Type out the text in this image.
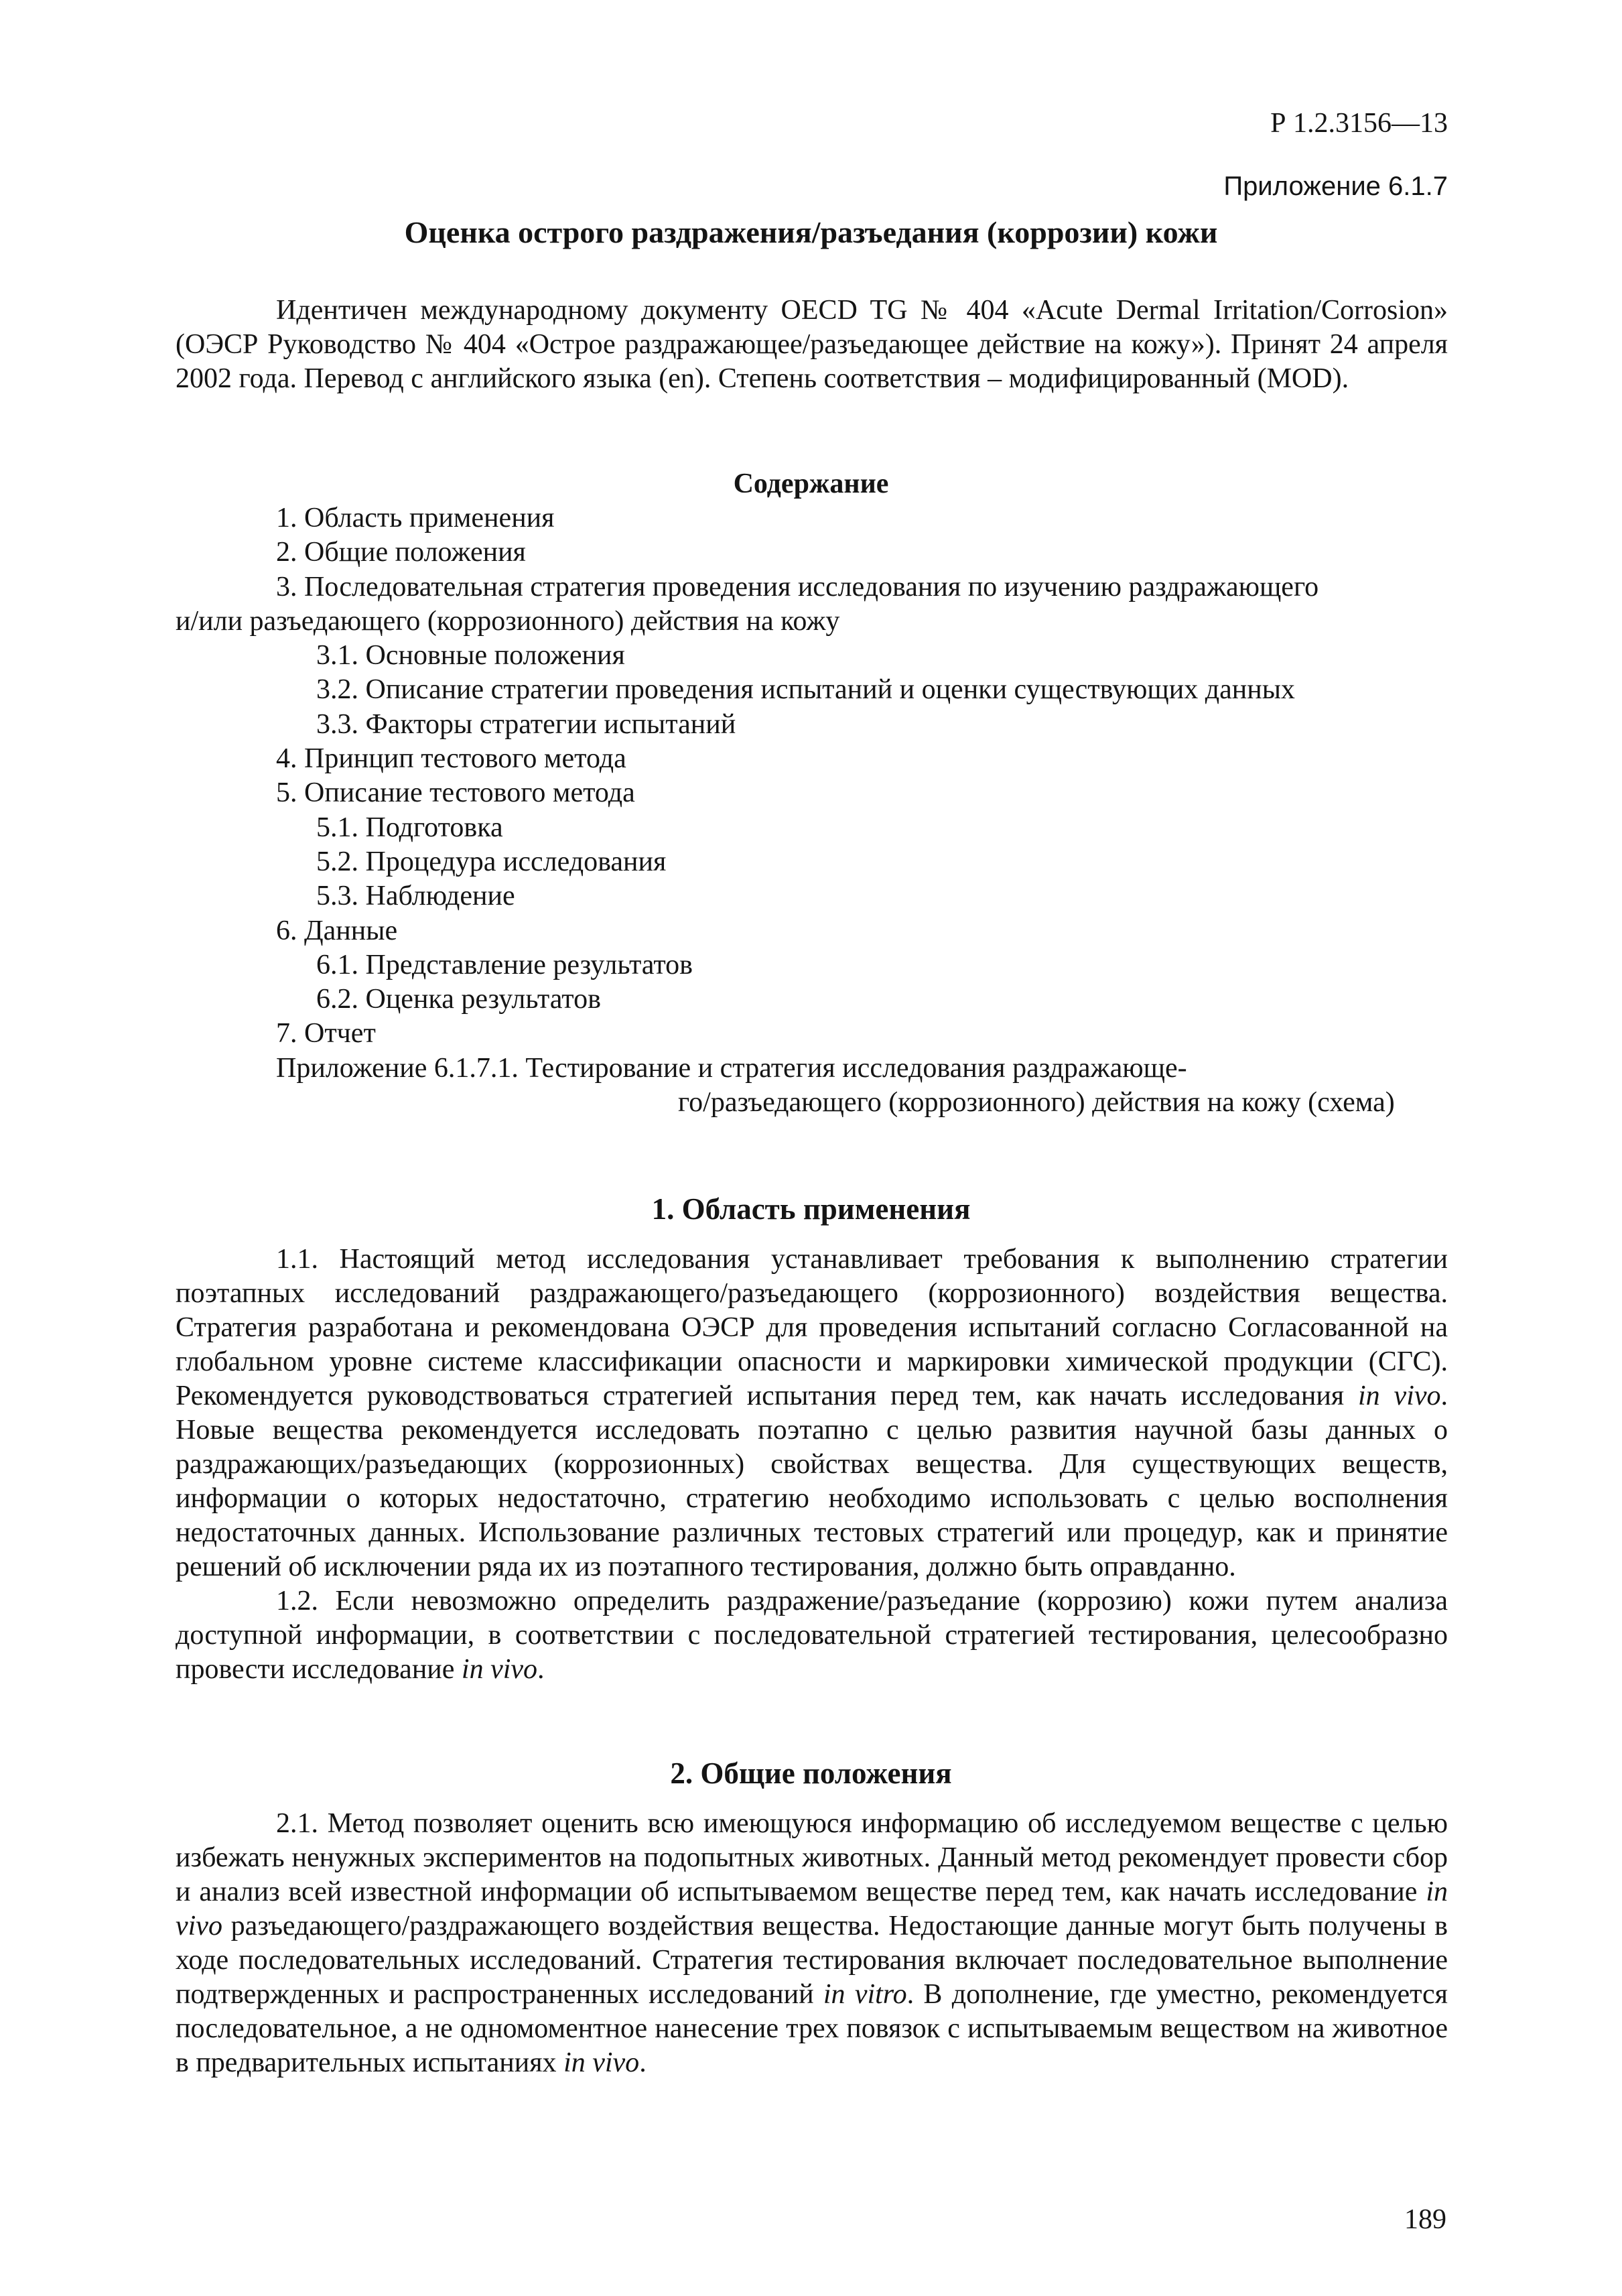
Р 1.2.3156—13
Приложение 6.1.7
Оценка острого раздражения/разъедания (коррозии) кожи
Идентичен международному документу OECD TG № 404 «Acute Dermal Irritation/Corrosion» (ОЭСР Руководство № 404 «Острое раздражающее/разъедающее действие на кожу»). Принят 24 апреля 2002 года. Перевод с английского языка (en). Степень соответствия – модифицированный (MOD).
Содержание
1. Область применения
2. Общие положения
3. Последовательная стратегия проведения исследования по изучению раздражающего
и/или разъедающего (коррозионного) действия на кожу
3.1. Основные положения
3.2. Описание стратегии проведения испытаний и оценки существующих данных
3.3. Факторы стратегии испытаний
4. Принцип тестового метода
5. Описание тестового метода
5.1. Подготовка
5.2. Процедура исследования
5.3. Наблюдение
6. Данные
6.1. Представление результатов
6.2. Оценка результатов
7. Отчет
Приложение 6.1.7.1. Тестирование и стратегия исследования раздражающе-
го/разъедающего (коррозионного) действия на кожу (схема)
1. Область применения
1.1. Настоящий метод исследования устанавливает требования к выполнению стратегии поэтапных исследований раздражающего/разъедающего (коррозионного) воздействия вещества. Стратегия разработана и рекомендована ОЭСР для проведения испытаний согласно Согласованной на глобальном уровне системе классификации опасности и маркировки химической продукции (СГС). Рекомендуется руководствоваться стратегией испытания перед тем, как начать исследования in vivo. Новые вещества рекомендуется исследовать поэтапно с целью развития научной базы данных о раздражающих/разъедающих (коррозионных) свойствах вещества. Для существующих веществ, информации о которых недостаточно, стратегию необходимо использовать с целью восполнения недостаточных данных. Использование различных тестовых стратегий или процедур, как и принятие решений об исключении ряда их из поэтапного тестирования, должно быть оправданно.
1.2. Если невозможно определить раздражение/разъедание (коррозию) кожи путем анализа доступной информации, в соответствии с последовательной стратегией тестирования, целесообразно провести исследование in vivo.
2. Общие положения
2.1. Метод позволяет оценить всю имеющуюся информацию об исследуемом веществе с целью избежать ненужных экспериментов на подопытных животных. Данный метод рекомендует провести сбор и анализ всей известной информации об испытываемом веществе перед тем, как начать исследование in vivo разъедающего/раздражающего воздействия вещества. Недостающие данные могут быть получены в ходе последовательных исследований. Стратегия тестирования включает последовательное выполнение подтвержденных и распространенных исследований in vitro. В дополнение, где уместно, рекомендуется последовательное, а не одномоментное нанесение трех повязок с испытываемым веществом на животное в предварительных испытаниях in vivo.
189
